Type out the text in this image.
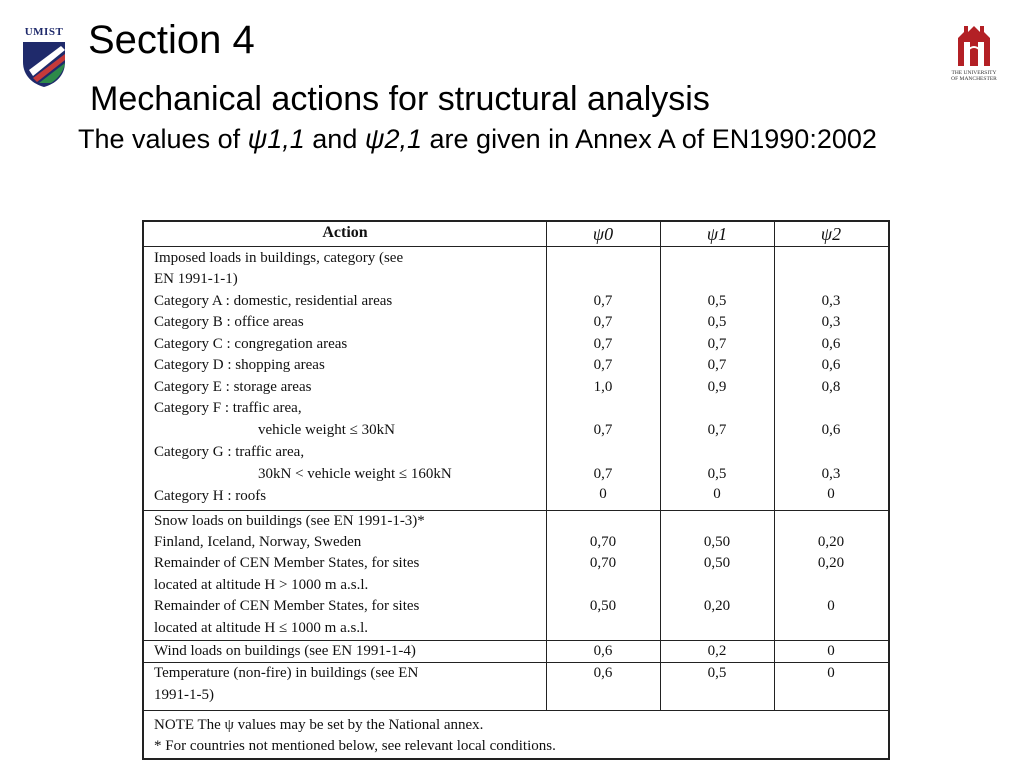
UMIST
THE UNIVERSITY
OF MANCHESTER
Section 4
Mechanical actions for structural analysis

The values of ψ1,1 and ψ2,1 are given in Annex A of EN1990:2002

Action	ψ0	ψ1	ψ2
Imposed loads in buildings, category (see
EN 1991-1-1)
Category A : domestic, residential areas	0,7	0,5	0,3
Category B : office areas	0,7	0,5	0,3
Category C : congregation areas	0,7	0,7	0,6
Category D : shopping areas	0,7	0,7	0,6
Category E : storage areas	1,0	0,9	0,8
Category F : traffic area,
vehicle weight ≤ 30kN	0,7	0,7	0,6
Category G : traffic area,
30kN < vehicle weight ≤ 160kN	0,7	0,5	0,3
Category H : roofs	0	0	0
Snow loads on buildings (see EN 1991-1-3)*
Finland, Iceland, Norway, Sweden	0,70	0,50	0,20
Remainder of CEN Member States, for sites	0,70	0,50	0,20
located at altitude H > 1000 m a.s.l.
Remainder of CEN Member States, for sites	0,50	0,20	0
located at altitude H ≤ 1000 m a.s.l.
Wind loads on buildings (see EN 1991-1-4)	0,6	0,2	0
Temperature (non-fire) in buildings (see EN	0,6	0,5	0
1991-1-5)
NOTE The ψ values may be set by the National annex.
* For countries not mentioned below, see relevant local conditions.
